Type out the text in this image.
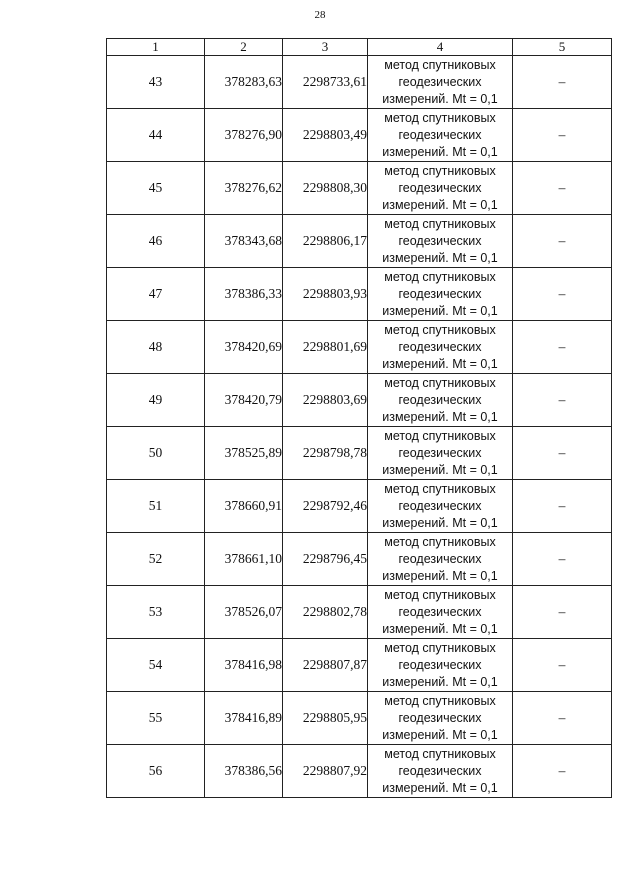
28
1	2	3	4	5
43	378283,63	2298733,61	метод спутниковых
геодезических
измерений. Mt = 0,1	–
44	378276,90	2298803,49	метод спутниковых
геодезических
измерений. Mt = 0,1	–
45	378276,62	2298808,30	метод спутниковых
геодезических
измерений. Mt = 0,1	–
46	378343,68	2298806,17	метод спутниковых
геодезических
измерений. Mt = 0,1	–
47	378386,33	2298803,93	метод спутниковых
геодезических
измерений. Mt = 0,1	–
48	378420,69	2298801,69	метод спутниковых
геодезических
измерений. Mt = 0,1	–
49	378420,79	2298803,69	метод спутниковых
геодезических
измерений. Mt = 0,1	–
50	378525,89	2298798,78	метод спутниковых
геодезических
измерений. Mt = 0,1	–
51	378660,91	2298792,46	метод спутниковых
геодезических
измерений. Mt = 0,1	–
52	378661,10	2298796,45	метод спутниковых
геодезических
измерений. Mt = 0,1	–
53	378526,07	2298802,78	метод спутниковых
геодезических
измерений. Mt = 0,1	–
54	378416,98	2298807,87	метод спутниковых
геодезических
измерений. Mt = 0,1	–
55	378416,89	2298805,95	метод спутниковых
геодезических
измерений. Mt = 0,1	–
56	378386,56	2298807,92	метод спутниковых
геодезических
измерений. Mt = 0,1	–
